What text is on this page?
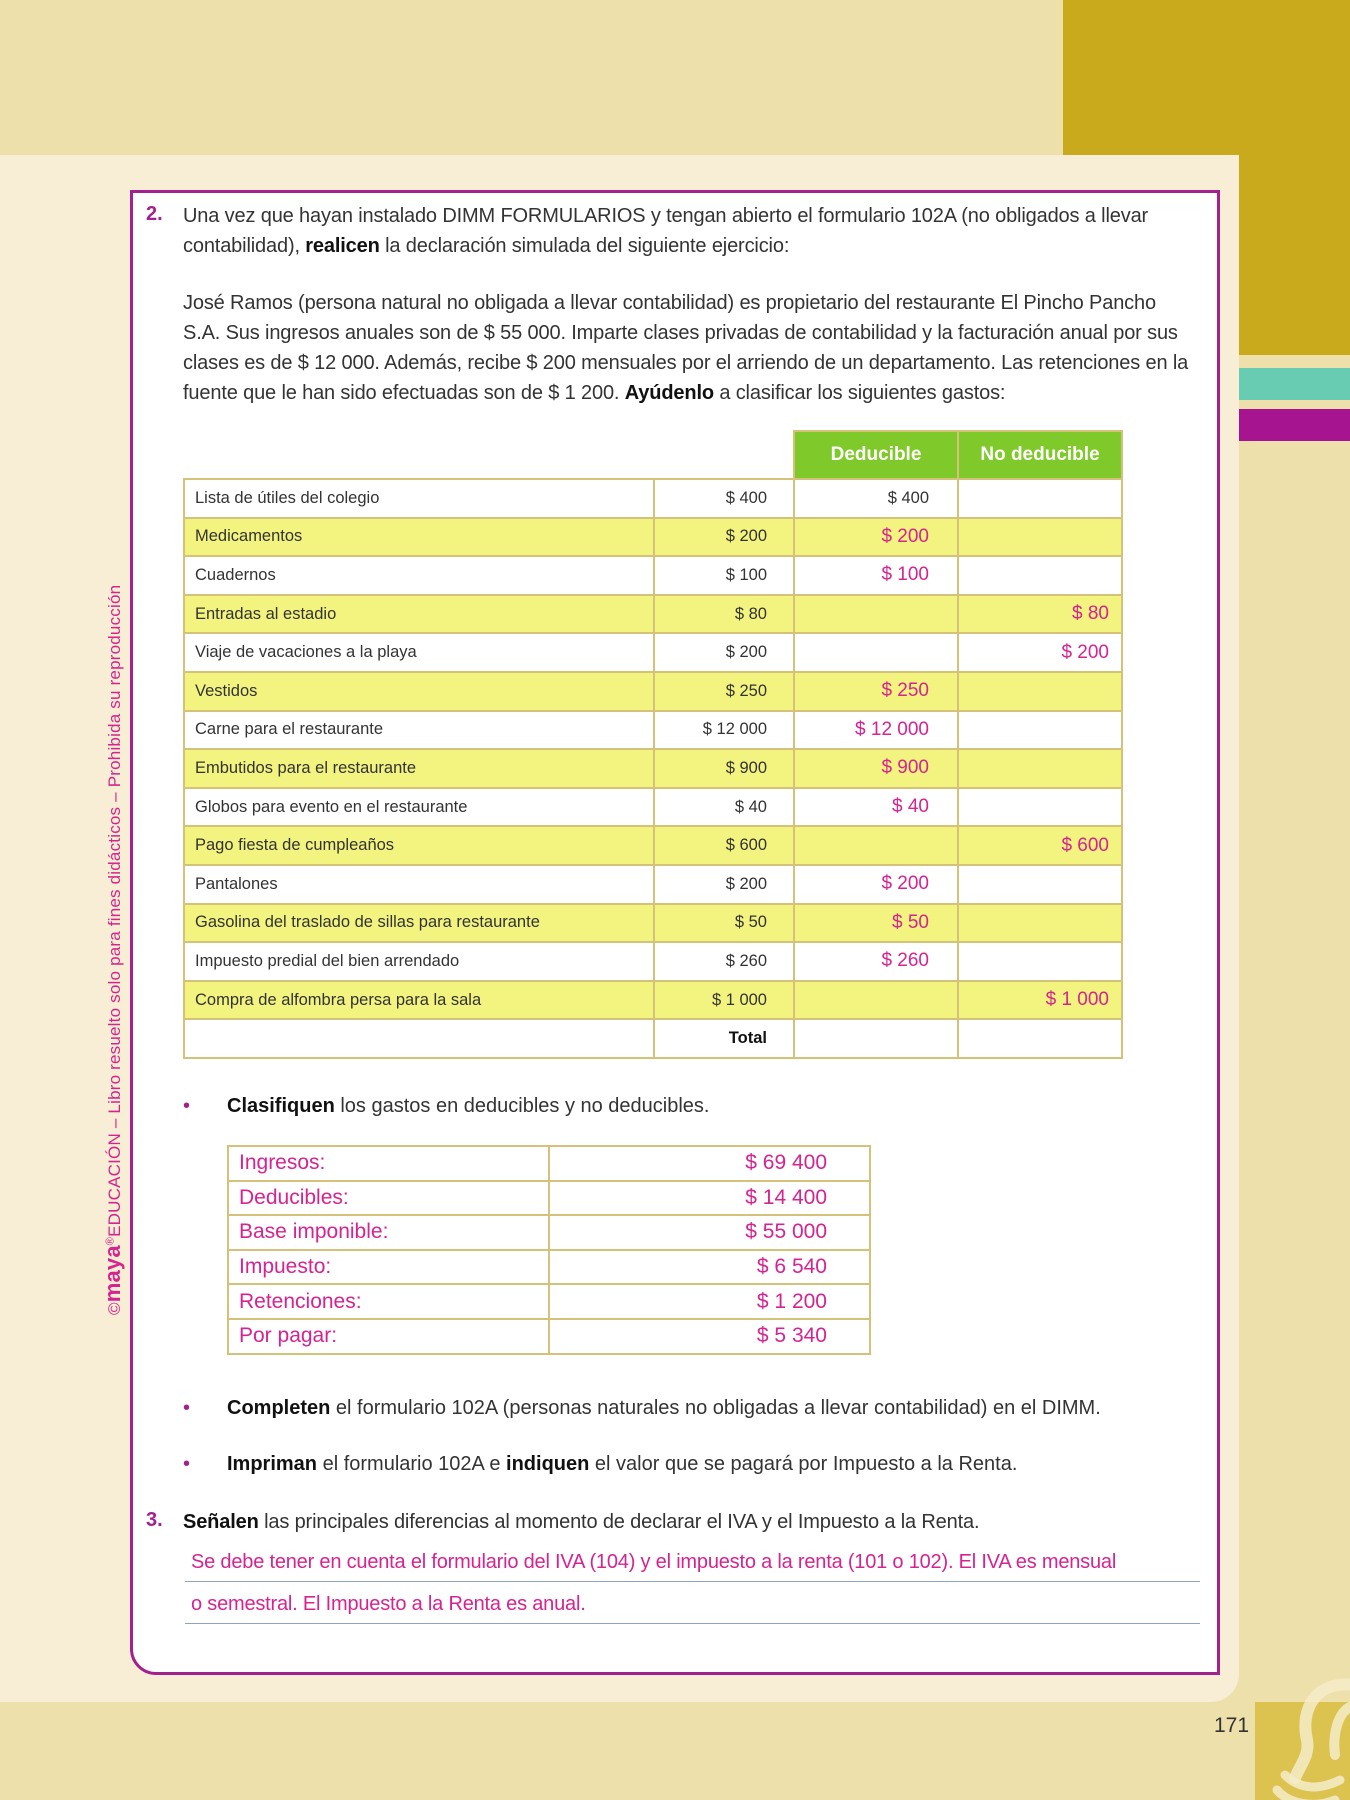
©maya®EDUCACIÓN – Libro resuelto solo para fines didácticos – Prohibida su reproducción
2. Una vez que hayan instalado DIMM FORMULARIOS y tengan abierto el formulario 102A (no obligados a llevar
contabilidad), realicen la declaración simulada del siguiente ejercicio:
José Ramos (persona natural no obligada a llevar contabilidad) es propietario del restaurante El Pincho Pancho
S.A. Sus ingresos anuales son de $ 55 000. Imparte clases privadas de contabilidad y la facturación anual por sus
clases es de $ 12 000. Además, recibe $ 200 mensuales por el arriendo de un departamento. Las retenciones en la
fuente que le han sido efectuadas son de $ 1 200. Ayúdenlo a clasificar los siguientes gastos:
		Deducible	No deducible
Lista de útiles del colegio	$ 400	$ 400	
Medicamentos	$ 200	$ 200	
Cuadernos	$ 100	$ 100	
Entradas al estadio	$ 80		$ 80
Viaje de vacaciones a la playa	$ 200		$ 200
Vestidos	$ 250	$ 250	
Carne para el restaurante	$ 12 000	$ 12 000	
Embutidos para el restaurante	$ 900	$ 900	
Globos para evento en el restaurante	$ 40	$ 40	
Pago fiesta de cumpleaños	$ 600		$ 600
Pantalones	$ 200	$ 200	
Gasolina del traslado de sillas para restaurante	$ 50	$ 50	
Impuesto predial del bien arrendado	$ 260	$ 260	
Compra de alfombra persa para la sala	$ 1 000		$ 1 000
	Total		
• Clasifiquen los gastos en deducibles y no deducibles.
Ingresos:	$ 69 400
Deducibles:	$ 14 400
Base imponible:	$ 55 000
Impuesto:	$ 6 540
Retenciones:	$ 1 200
Por pagar:	$ 5 340
• Completen el formulario 102A (personas naturales no obligadas a llevar contabilidad) en el DIMM.
• Impriman el formulario 102A e indiquen el valor que se pagará por Impuesto a la Renta.
3. Señalen las principales diferencias al momento de declarar el IVA y el Impuesto a la Renta.
Se debe tener en cuenta el formulario del IVA (104) y el impuesto a la renta (101 o 102). El IVA es mensual
o semestral. El Impuesto a la Renta es anual.
171
